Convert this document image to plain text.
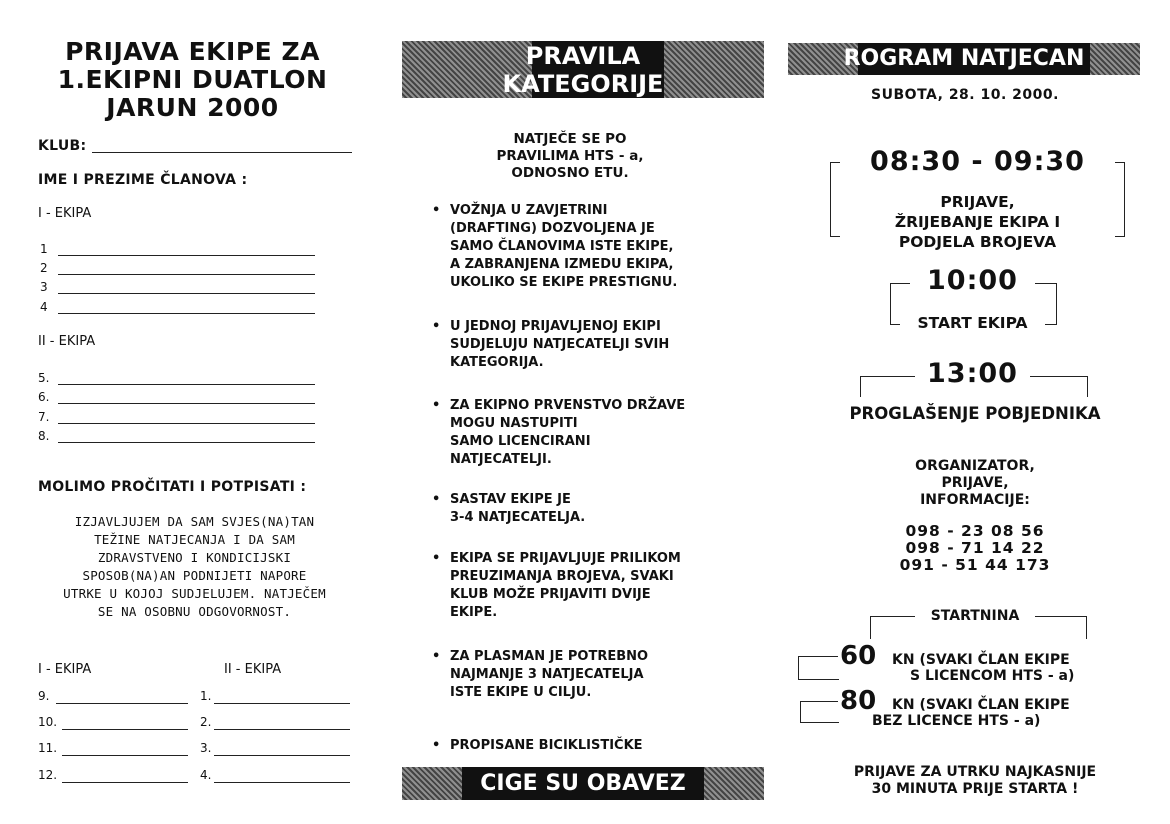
PRIJAVA EKIPE ZA
1.EKIPNI DUATLON
JARUN 2000
KLUB:
IME I PREZIME ČLANOVA :
I - EKIPA
1
2
3
4
II - EKIPA
5.
6.
7.
8.
MOLIMO PROČITATI I POTPISATI :
IZJAVLJUJEM DA SAM SVJES(NA)TAN
TEŽINE NATJECANJA I DA SAM
ZDRAVSTVENO I KONDICIJSKI
SPOSOB(NA)AN PODNIJETI NAPORE
UTRKE U KOJOJ SUDJELUJEM. NATJEČEM
SE NA OSOBNU ODGOVORNOST.
I - EKIPA	II - EKIPA
9.
10.
11.
12.
1.
2.
3.
4.
PRAVILA
KATEGORIJE
NATJEČE SE PO
PRAVILIMA HTS - a,
ODNOSNO ETU.
• VOŽNJA U ZAVJETRINI
(DRAFTING) DOZVOLJENA JE
SAMO ČLANOVIMA ISTE EKIPE,
A ZABRANJENA IZMEDU EKIPA,
UKOLIKO SE EKIPE PRESTIGNU.
• U JEDNOJ PRIJAVLJENOJ EKIPI
SUDJELUJU NATJECATELJI SVIH
KATEGORIJA.
• ZA EKIPNO PRVENSTVO DRŽAVE
MOGU NASTUPITI
SAMO LICENCIRANI
NATJECATELJI.
• SASTAV EKIPE JE
3-4 NATJECATELJA.
• EKIPA SE PRIJAVLJUJE PRILIKOM
PREUZIMANJA BROJEVA, SVAKI
KLUB MOŽE PRIJAVITI DVIJE
EKIPE.
• ZA PLASMAN JE POTREBNO
NAJMANJE 3 NATJECATELJA
ISTE EKIPE U CILJU.
• PROPISANE BICIKLISTIČKE
CIGE SU OBAVEZ
ROGRAM NATJECAN
SUBOTA, 28. 10. 2000.
08:30 - 09:30
PRIJAVE,
ŽRIJEBANJE EKIPA I
PODJELA BROJEVA
10:00
START EKIPA
13:00
PROGLAŠENJE POBJEDNIKA
ORGANIZATOR,
PRIJAVE,
INFORMACIJE:
098 - 23 08 56
098 - 71 14 22
091 - 51 44 173
STARTNINA
60 KN (SVAKI ČLAN EKIPE
S LICENCOM HTS - a)
80 KN (SVAKI ČLAN EKIPE
BEZ LICENCE HTS - a)
PRIJAVE ZA UTRKU NAJKASNIJE
30 MINUTA PRIJE STARTA !
